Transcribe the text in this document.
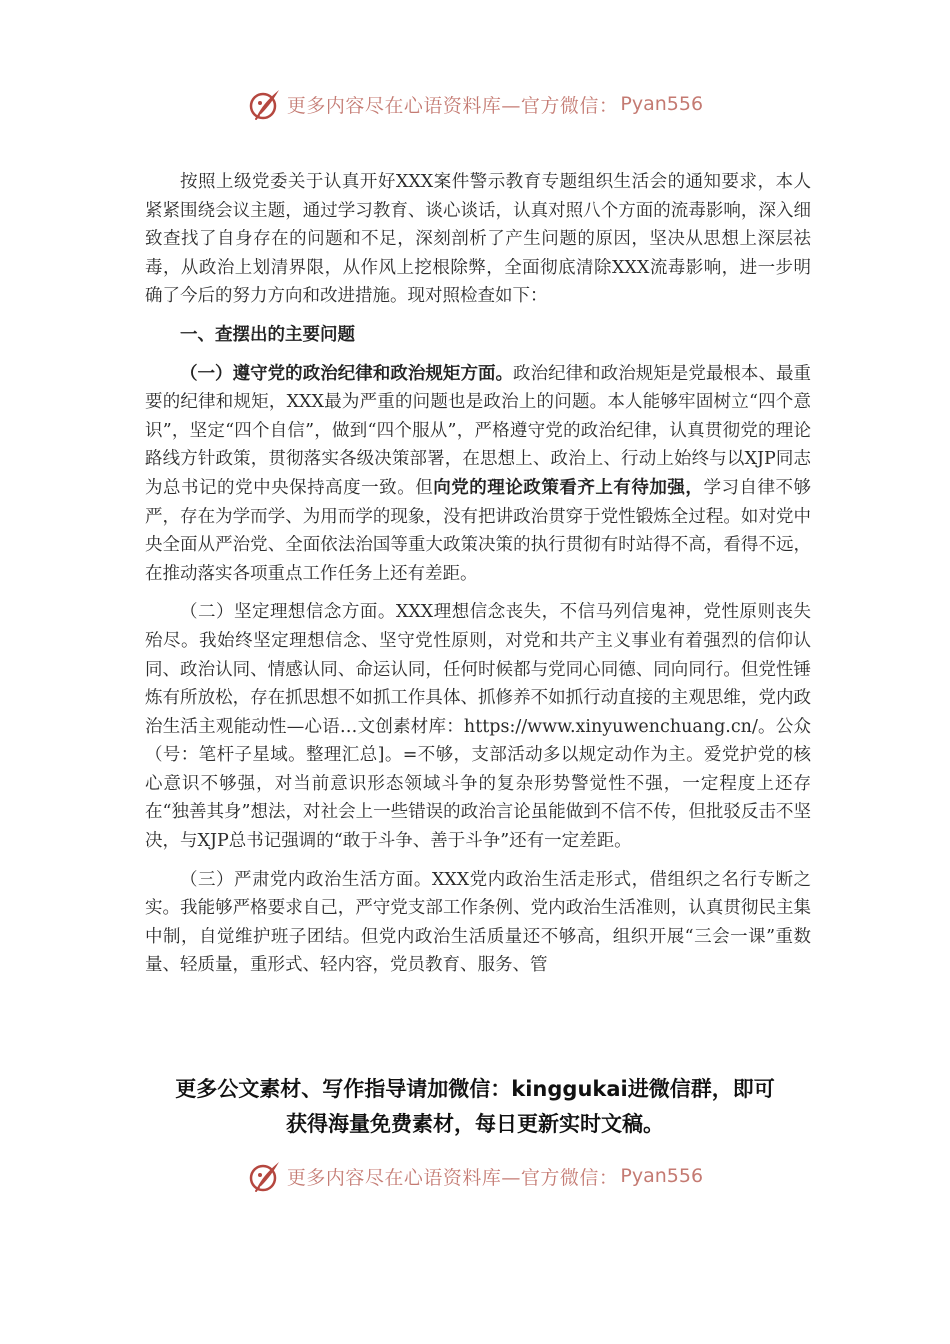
更多内容尽在心语资料库—官方微信： Pyan556

按照上级党委关于认真开好XXX案件警示教育专题组织生活会的通知要求，本人紧紧围绕会议主题，通过学习教育、谈心谈话，认真对照八个方面的流毒影响，深入细致查找了自身存在的问题和不足，深刻剖析了产生问题的原因，坚决从思想上深层祛毒，从政治上划清界限，从作风上挖根除弊，全面彻底清除XXX流毒影响，进一步明确了今后的努力方向和改进措施。现对照检查如下：

一、查摆出的主要问题

（一）遵守党的政治纪律和政治规矩方面。政治纪律和政治规矩是党最根本、最重要的纪律和规矩，XXX最为严重的问题也是政治上的问题。本人能够牢固树立“四个意识”，坚定“四个自信”，做到“四个服从”，严格遵守党的政治纪律，认真贯彻党的理论路线方针政策，贯彻落实各级决策部署，在思想上、政治上、行动上始终与以XJP同志为总书记的党中央保持高度一致。但向党的理论政策看齐上有待加强，学习自律不够严，存在为学而学、为用而学的现象，没有把讲政治贯穿于党性锻炼全过程。如对党中央全面从严治党、全面依法治国等重大政策决策的执行贯彻有时站得不高，看得不远，在推动落实各项重点工作任务上还有差距。

（二）坚定理想信念方面。XXX理想信念丧失，不信马列信鬼神，党性原则丧失殆尽。我始终坚定理想信念、坚守党性原则，对党和共产主义事业有着强烈的信仰认同、政治认同、情感认同、命运认同，任何时候都与党同心同德、同向同行。但党性锤炼有所放松，存在抓思想不如抓工作具体、抓修养不如抓行动直接的主观思维，党内政治生活主观能动性—心语…文创素材库：https://www.xinyuwenchuang.cn/。公众（号：笔杆子星域。整理汇总]。=不够，支部活动多以规定动作为主。爱党护党的核心意识不够强，对当前意识形态领域斗争的复杂形势警觉性不强，一定程度上还存在“独善其身”想法，对社会上一些错误的政治言论虽能做到不信不传，但批驳反击不坚决，与XJP总书记强调的“敢于斗争、善于斗争”还有一定差距。

（三）严肃党内政治生活方面。XXX党内政治生活走形式，借组织之名行专断之实。我能够严格要求自己，严守党支部工作条例、党内政治生活准则，认真贯彻民主集中制，自觉维护班子团结。但党内政治生活质量还不够高，组织开展“三会一课”重数量、轻质量，重形式、轻内容，党员教育、服务、管

更多公文素材、写作指导请加微信：kinggukai进微信群，即可
获得海量免费素材，每日更新实时文稿。
更多内容尽在心语资料库—官方微信： Pyan556
